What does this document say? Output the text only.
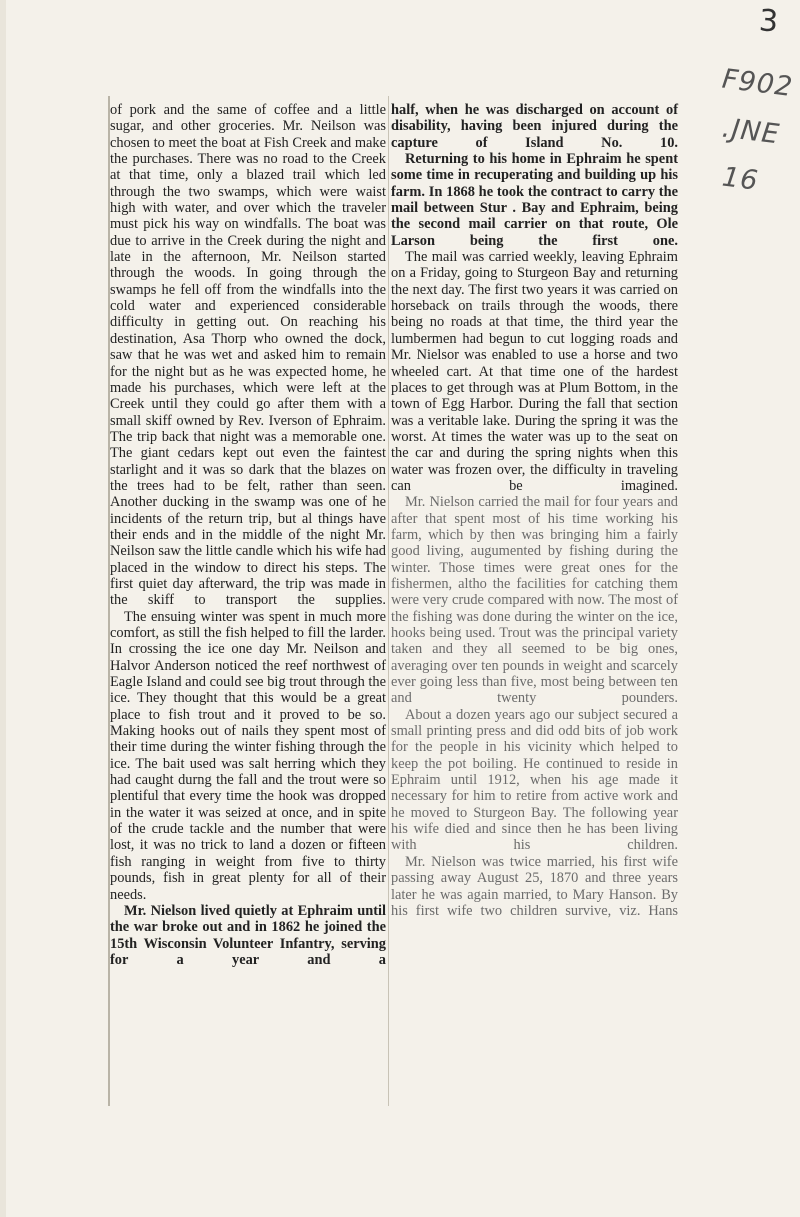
3
F902
.JNE
16

of pork and the same of coffee and a little sugar, and other groceries. Mr. Neilson was chosen to meet the boat at Fish Creek and make the purchases. There was no road to the Creek at that time, only a blazed trail which led through the two swamps, which were waist high with water, and over which the traveler must pick his way on windfalls. The boat was due to arrive in the Creek during the night and late in the afternoon, Mr. Neilson started through the woods. In going through the swamps he fell off from the windfalls into the cold water and experienced considerable difficulty in getting out. On reaching his destination, Asa Thorp who owned the dock, saw that he was wet and asked him to remain for the night but as he was expected home, he made his purchases, which were left at the Creek until they could go after them with a small skiff owned by Rev. Iverson of Ephraim. The trip back that night was a memorable one. The giant cedars kept out even the faintest starlight and it was so dark that the blazes on the trees had to be felt, rather than seen. Another ducking in the swamp was one of he incidents of the return trip, but al things have their ends and in the middle of the night Mr. Neilson saw the little candle which his wife had placed in the window to direct his steps. The first quiet day afterward, the trip was made in the skiff to transport the supplies.

The ensuing winter was spent in much more comfort, as still the fish helped to fill the larder. In crossing the ice one day Mr. Neilson and Halvor Anderson noticed the reef northwest of Eagle Island and could see big trout through the ice. They thought that this would be a great place to fish trout and it proved to be so. Making hooks out of nails they spent most of their time during the winter fishing through the ice. The bait used was salt herring which they had caught durng the fall and the trout were so plentiful that every time the hook was dropped in the water it was seized at once, and in spite of the crude tackle and the number that were lost, it was no trick to land a dozen or fifteen fish ranging in weight from five to thirty pounds, fish in great plenty for all of their needs.

Mr. Nielson lived quietly at Ephraim until the war broke out and in 1862 he joined the 15th Wisconsin Volunteer Infantry, serving for a year and a

half, when he was discharged on account of disability, having been injured during the capture of Island No. 10.

Returning to his home in Ephraim he spent some time in recuperating and building up his farm. In 1868 he took the contract to carry the mail between Stur . Bay and Ephraim, being the second mail carrier on that route, Ole Larson being the first one.

The mail was carried weekly, leaving Ephraim on a Friday, going to Sturgeon Bay and returning the next day. The first two years it was carried on horseback on trails through the woods, there being no roads at that time, the third year the lumbermen had begun to cut logging roads and Mr. Nielsor was enabled to use a horse and two wheeled cart. At that time one of the hardest places to get through was at Plum Bottom, in the town of Egg Harbor. During the fall that section was a veritable lake. During the spring it was the worst. At times the water was up to the seat on the car and during the spring nights when this water was frozen over, the difficulty in traveling can be imagined.

Mr. Nielson carried the mail for four years and after that spent most of his time working his farm, which by then was bringing him a fairly good living, augumented by fishing during the winter. Those times were great ones for the fishermen, altho the facilities for catching them were very crude compared with now. The most of the fishing was done during the winter on the ice, hooks being used. Trout was the principal variety taken and they all seemed to be big ones, averaging over ten pounds in weight and scarcely ever going less than five, most being between ten and twenty pounders.

About a dozen years ago our subject secured a small printing press and did odd bits of job work for the people in his vicinity which helped to keep the pot boiling. He continued to reside in Ephraim until 1912, when his age made it necessary for him to retire from active work and he moved to Sturgeon Bay. The following year his wife died and since then he has been living with his children.

Mr. Nielson was twice married, his first wife passing away August 25, 1870 and three years later he was again married, to Mary Hanson. By his first wife two children survive, viz. Hans
